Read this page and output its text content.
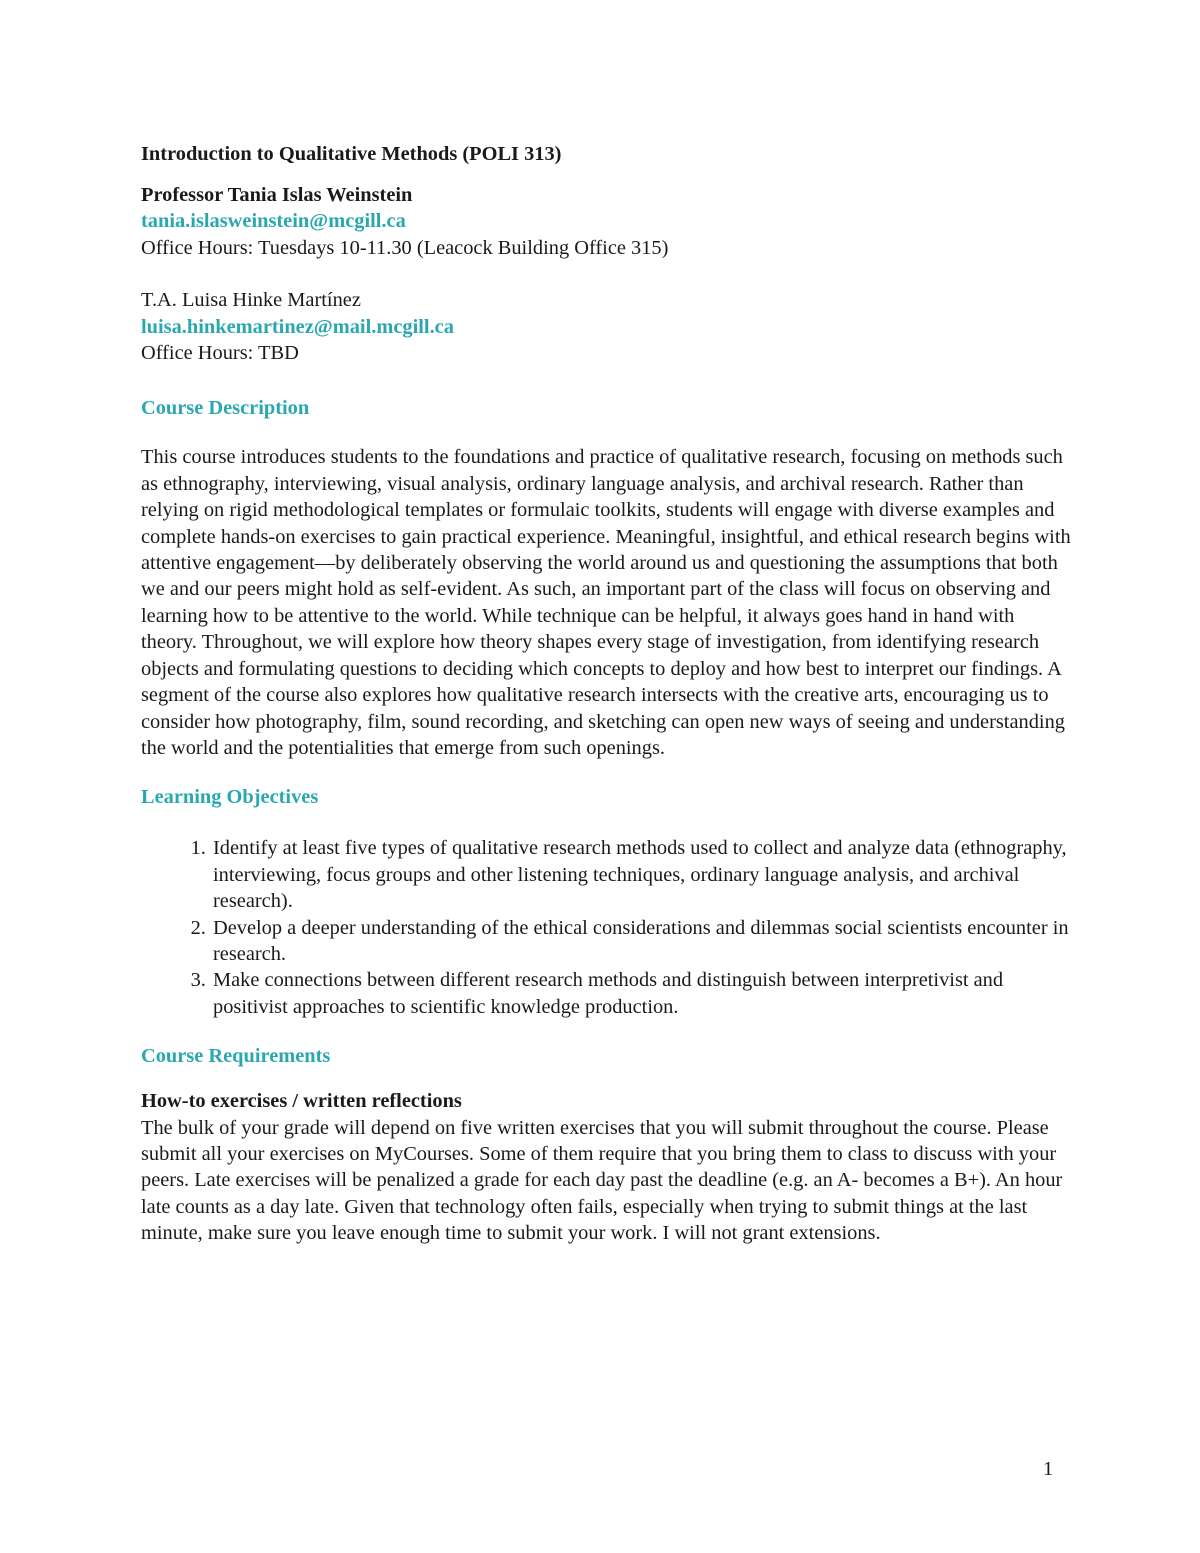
Introduction to Qualitative Methods (POLI 313)
Professor Tania Islas Weinstein
tania.islasweinstein@mcgill.ca
Office Hours: Tuesdays 10-11.30 (Leacock Building Office 315)
T.A. Luisa Hinke Martínez
luisa.hinkemartinez@mail.mcgill.ca
Office Hours: TBD
Course Description

This course introduces students to the foundations and practice of qualitative research, focusing on methods such as ethnography, interviewing, visual analysis, ordinary language analysis, and archival research. Rather than relying on rigid methodological templates or formulaic toolkits, students will engage with diverse examples and complete hands-on exercises to gain practical experience. Meaningful, insightful, and ethical research begins with attentive engagement—by deliberately observing the world around us and questioning the assumptions that both we and our peers might hold as self-evident. As such, an important part of the class will focus on observing and learning how to be attentive to the world. While technique can be helpful, it always goes hand in hand with theory. Throughout, we will explore how theory shapes every stage of investigation, from identifying research objects and formulating questions to deciding which concepts to deploy and how best to interpret our findings. A segment of the course also explores how qualitative research intersects with the creative arts, encouraging us to consider how photography, film, sound recording, and sketching can open new ways of seeing and understanding the world and the potentialities that emerge from such openings.

Learning Objectives
1. Identify at least five types of qualitative research methods used to collect and analyze data (ethnography, interviewing, focus groups and other listening techniques, ordinary language analysis, and archival research).
2. Develop a deeper understanding of the ethical considerations and dilemmas social scientists encounter in research.
3. Make connections between different research methods and distinguish between interpretivist and positivist approaches to scientific knowledge production.
Course Requirements
How-to exercises / written reflections

The bulk of your grade will depend on five written exercises that you will submit throughout the course. Please submit all your exercises on MyCourses. Some of them require that you bring them to class to discuss with your peers. Late exercises will be penalized a grade for each day past the deadline (e.g. an A- becomes a B+). An hour late counts as a day late. Given that technology often fails, especially when trying to submit things at the last minute, make sure you leave enough time to submit your work. I will not grant extensions.

1
